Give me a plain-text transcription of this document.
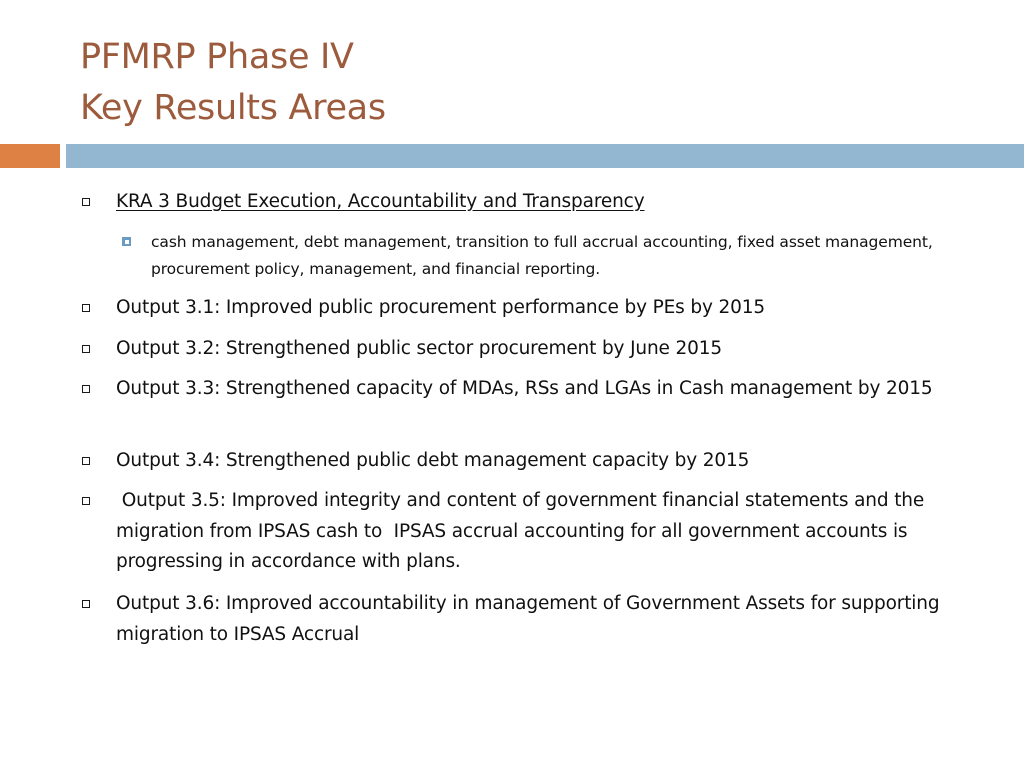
PFMRP Phase IV
Key Results Areas
KRA 3 Budget Execution, Accountability and Transparency
cash management, debt management, transition to full accrual accounting, fixed asset management, procurement policy, management, and financial reporting.
Output 3.1: Improved public procurement performance by PEs by 2015
Output 3.2: Strengthened public sector procurement by June 2015
Output 3.3: Strengthened capacity of MDAs, RSs and LGAs in Cash management by 2015
Output 3.4: Strengthened public debt management capacity by 2015
Output 3.5: Improved integrity and content of government financial statements and the migration from IPSAS cash to  IPSAS accrual accounting for all government accounts is progressing in accordance with plans.
Output 3.6: Improved accountability in management of Government Assets for supporting migration to IPSAS Accrual
